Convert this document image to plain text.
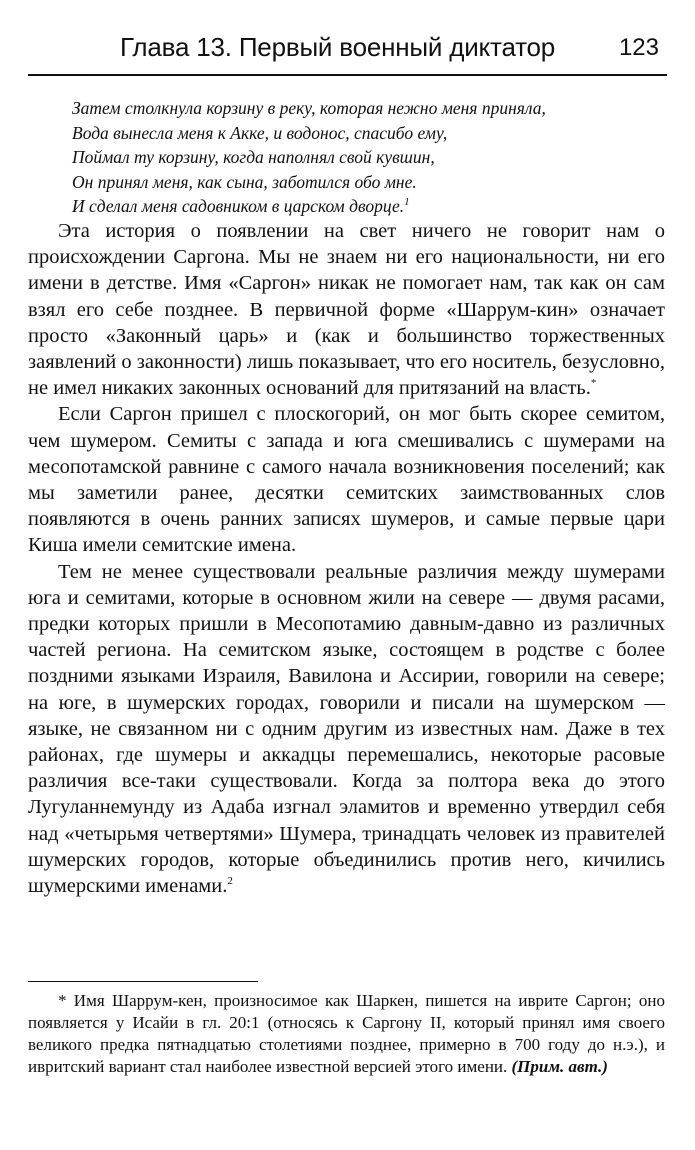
Глава 13. Первый военный диктатор	123
Затем столкнула корзину в реку, которая нежно меня приняла,
Вода вынесла меня к Акке, и водонос, спасибо ему,
Поймал ту корзину, когда наполнял свой кувшин,
Он принял меня, как сына, заботился обо мне.
И сделал меня садовником в царском дворце.$^1$

Эта история о появлении на свет ничего не говорит нам о происхождении Саргона. Мы не знаем ни его национальности, ни его имени в детстве. Имя «Саргон» никак не помогает нам, так как он сам взял его себе позднее. В первичной форме «Шаррум-кин» означает просто «Законный царь» и (как и большинство торжественных заявлений о законности) лишь показывает, что его носитель, безусловно, не имел никаких законных оснований для притязаний на власть.*

Если Саргон пришел с плоскогорий, он мог быть скорее семитом, чем шумером. Семиты с запада и юга смешивались с шумерами на месопотамской равнине с самого начала возникновения поселений; как мы заметили ранее, десятки семитских заимствованных слов появляются в очень ранних записях шумеров, и самые первые цари Киша имели семитские имена.

Тем не менее существовали реальные различия между шумерами юга и семитами, которые в основном жили на севере — двумя расами, предки которых пришли в Месопотамию давным-давно из различных частей региона. На семитском языке, состоящем в родстве с более поздними языками Израиля, Вавилона и Ассирии, говорили на севере; на юге, в шумерских городах, говорили и писали на шумерском — языке, не связанном ни с одним другим из известных нам. Даже в тех районах, где шумеры и аккадцы перемешались, некоторые расовые различия все-таки существовали. Когда за полтора века до этого Лугуланнемунду из Адаба изгнал эламитов и временно утвердил себя над «четырьмя четвертями» Шумера, тринадцать человек из правителей шумерских городов, которые объединились против него, кичились шумерскими именами.$^2$

* Имя Шаррум-кен, произносимое как Шаркен, пишется на иврите Саргон; оно появляется у Исайи в гл. 20:1 (относясь к Саргону II, который принял имя своего великого предка пятнадцатью столетиями позднее, примерно в 700 году до н.э.), и ивритский вариант стал наиболее известной версией этого имени. (Прим. авт.)
